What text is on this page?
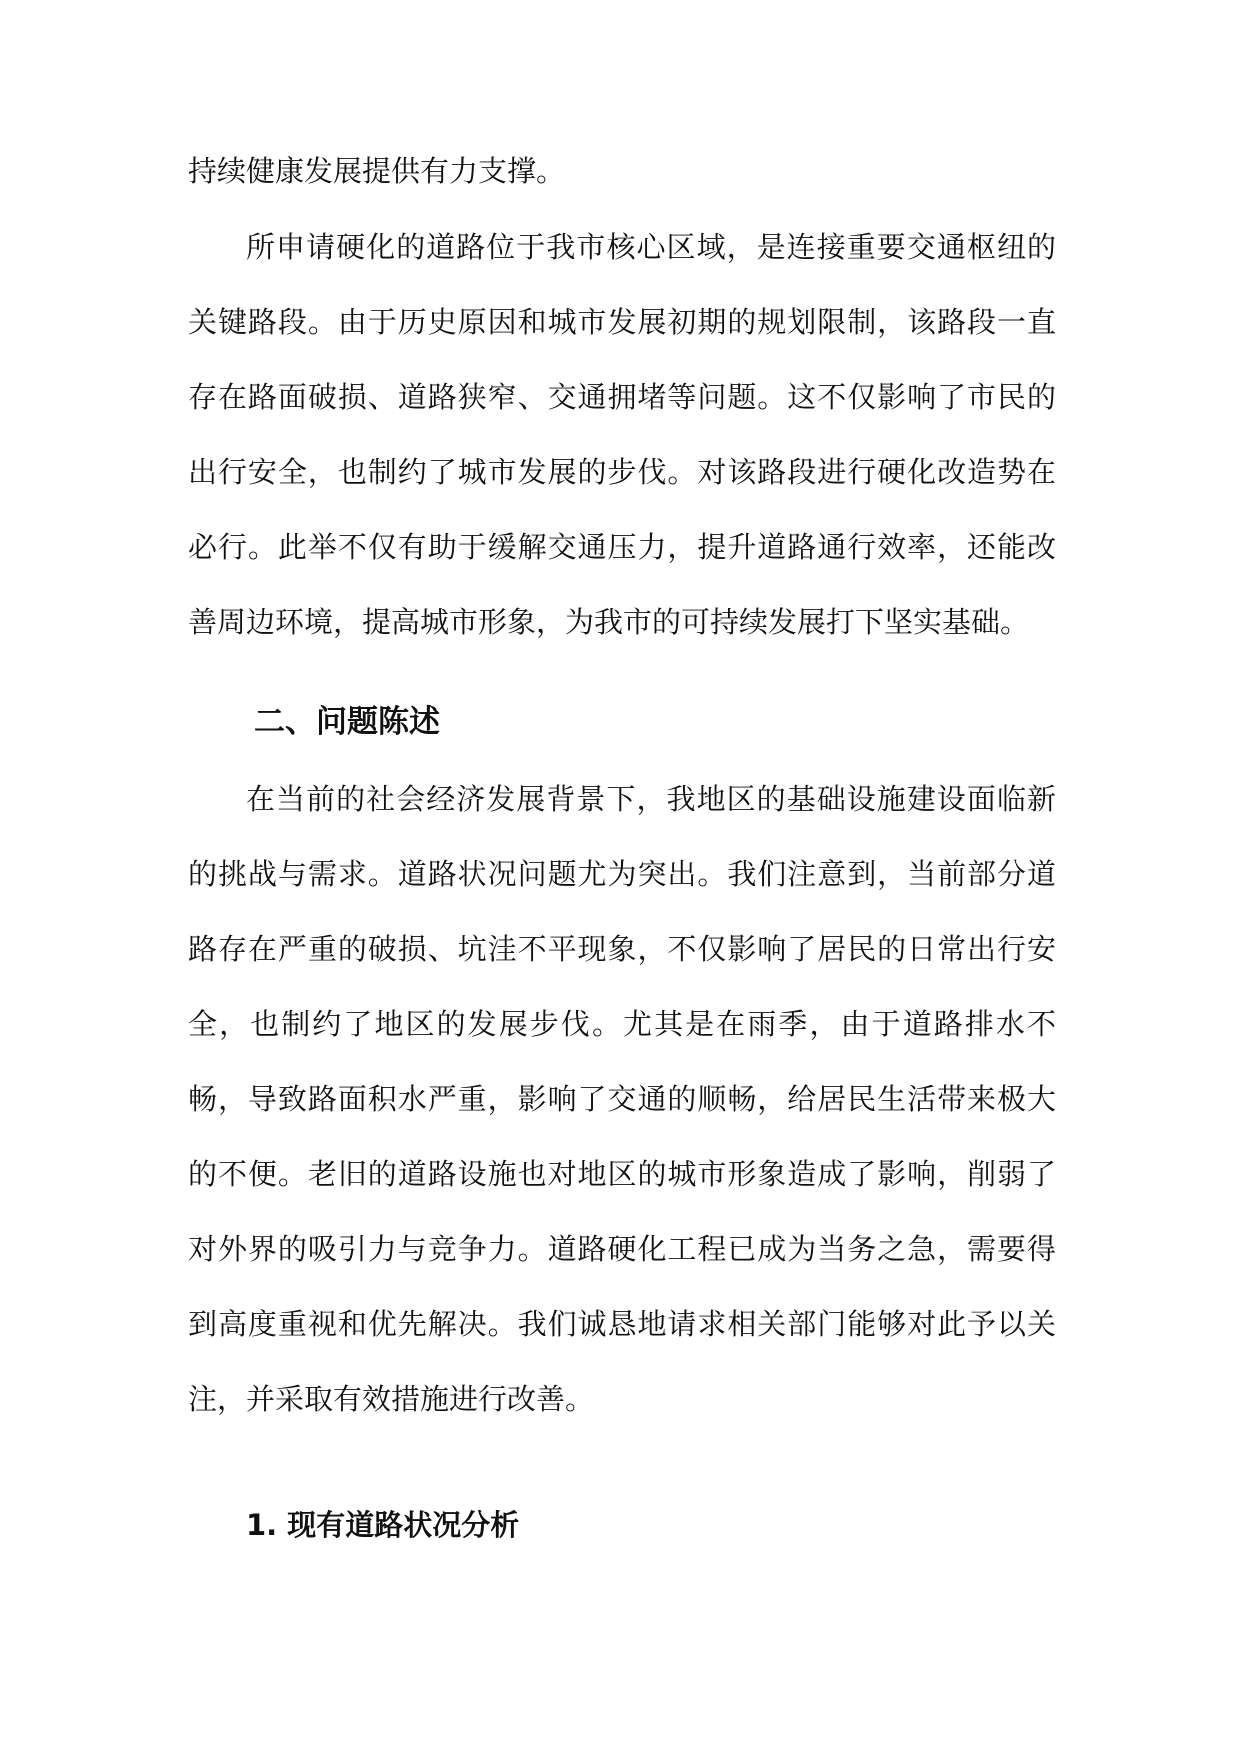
持续健康发展提供有力支撑。

所申请硬化的道路位于我市核心区域，是连接重要交通枢纽的关键路段。由于历史原因和城市发展初期的规划限制，该路段一直存在路面破损、道路狭窄、交通拥堵等问题。这不仅影响了市民的出行安全，也制约了城市发展的步伐。对该路段进行硬化改造势在必行。此举不仅有助于缓解交通压力，提升道路通行效率，还能改善周边环境，提高城市形象，为我市的可持续发展打下坚实基础。

二、问题陈述

在当前的社会经济发展背景下，我地区的基础设施建设面临新的挑战与需求。道路状况问题尤为突出。我们注意到，当前部分道路存在严重的破损、坑洼不平现象，不仅影响了居民的日常出行安全，也制约了地区的发展步伐。尤其是在雨季，由于道路排水不畅，导致路面积水严重，影响了交通的顺畅，给居民生活带来极大的不便。老旧的道路设施也对地区的城市形象造成了影响，削弱了对外界的吸引力与竞争力。道路硬化工程已成为当务之急，需要得到高度重视和优先解决。我们诚恳地请求相关部门能够对此予以关注，并采取有效措施进行改善。

1. 现有道路状况分析
